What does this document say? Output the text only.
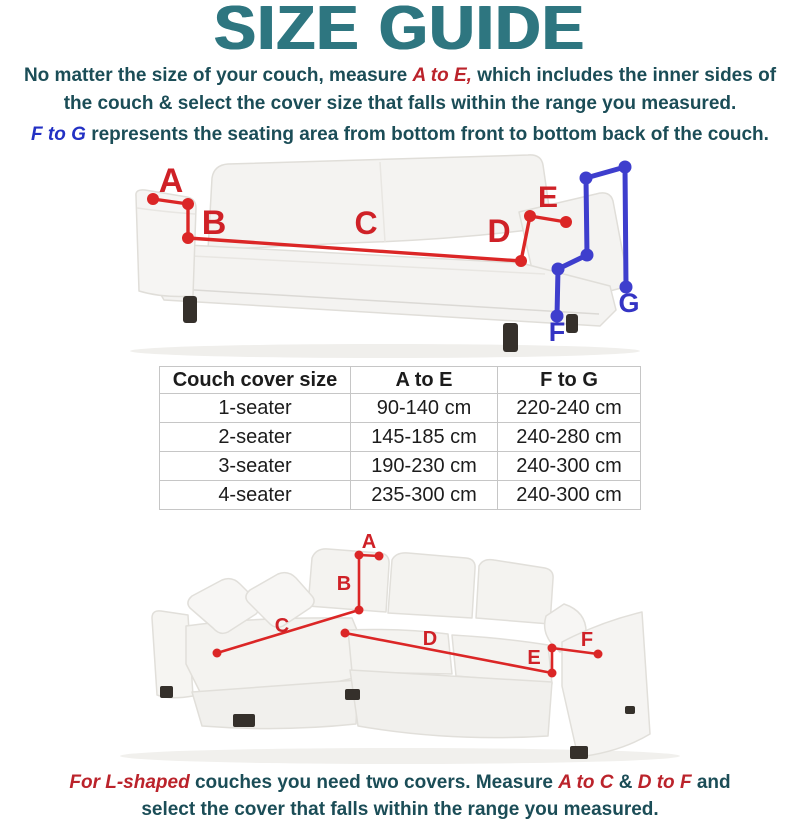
SIZE GUIDE

No matter the size of your couch, measure A to E, which includes the inner sides of
the couch & select the cover size that falls within the range you measured.

F to G represents the seating area from bottom front to bottom back of the couch.

A
B	C	D
E
F
G
Couch cover size	A to E	F to G
1-seater	90-140 cm	220-240 cm
2-seater	145-185 cm	240-280 cm
3-seater	190-230 cm	240-300 cm
4-seater	235-300 cm	240-300 cm
A
B
C
D
E
F

For L-shaped couches you need two covers. Measure A to C & D to F and
select the cover that falls within the range you measured.
